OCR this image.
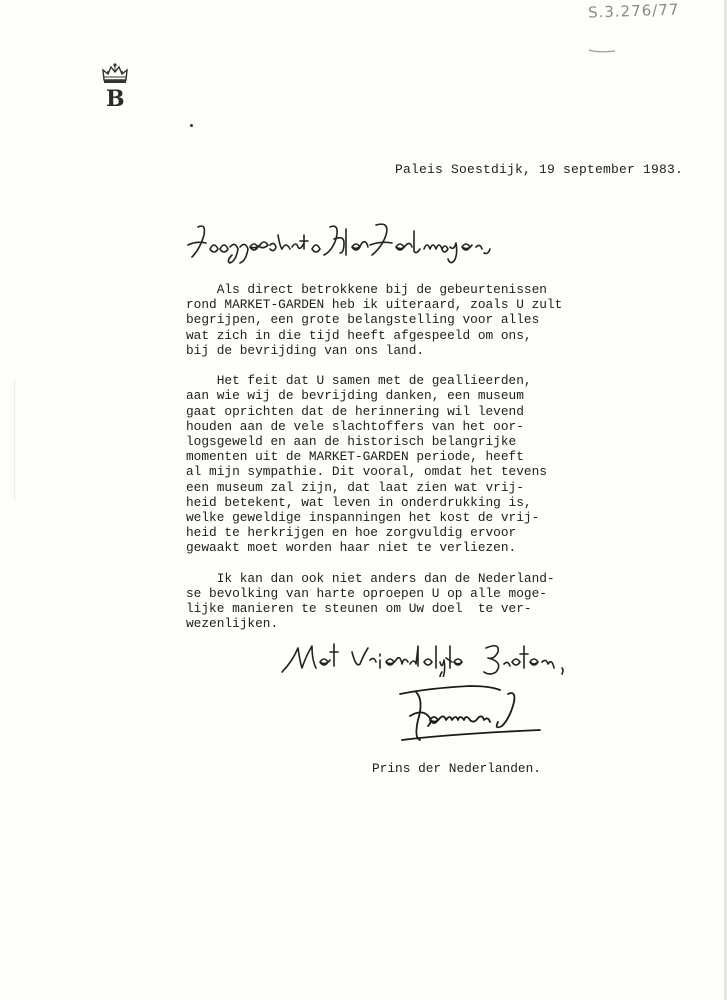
S.3.276/77
B
Paleis Soestdijk, 19 september 1983.

Als direct betrokkene bij de gebeurtenissen
rond MARKET-GARDEN heb ik uiteraard, zoals U zult
begrijpen, een grote belangstelling voor alles
wat zich in die tijd heeft afgespeeld om ons,
bij de bevrijding van ons land.

Het feit dat U samen met de geallieerden,
aan wie wij de bevrijding danken, een museum
gaat oprichten dat de herinnering wil levend
houden aan de vele slachtoffers van het oor-
logsgeweld en aan de historisch belangrijke
momenten uit de MARKET-GARDEN periode, heeft
al mijn sympathie. Dit vooral, omdat het tevens
een museum zal zijn, dat laat zien wat vrij-
heid betekent, wat leven in onderdrukking is,
welke geweldige inspanningen het kost de vrij-
heid te herkrijgen en hoe zorgvuldig ervoor
gewaakt moet worden haar niet te verliezen.

Ik kan dan ook niet anders dan de Nederland-
se bevolking van harte oproepen U op alle moge-
lijke manieren te steunen om Uw doel  te ver-
wezenlijken.

Prins der Nederlanden.
